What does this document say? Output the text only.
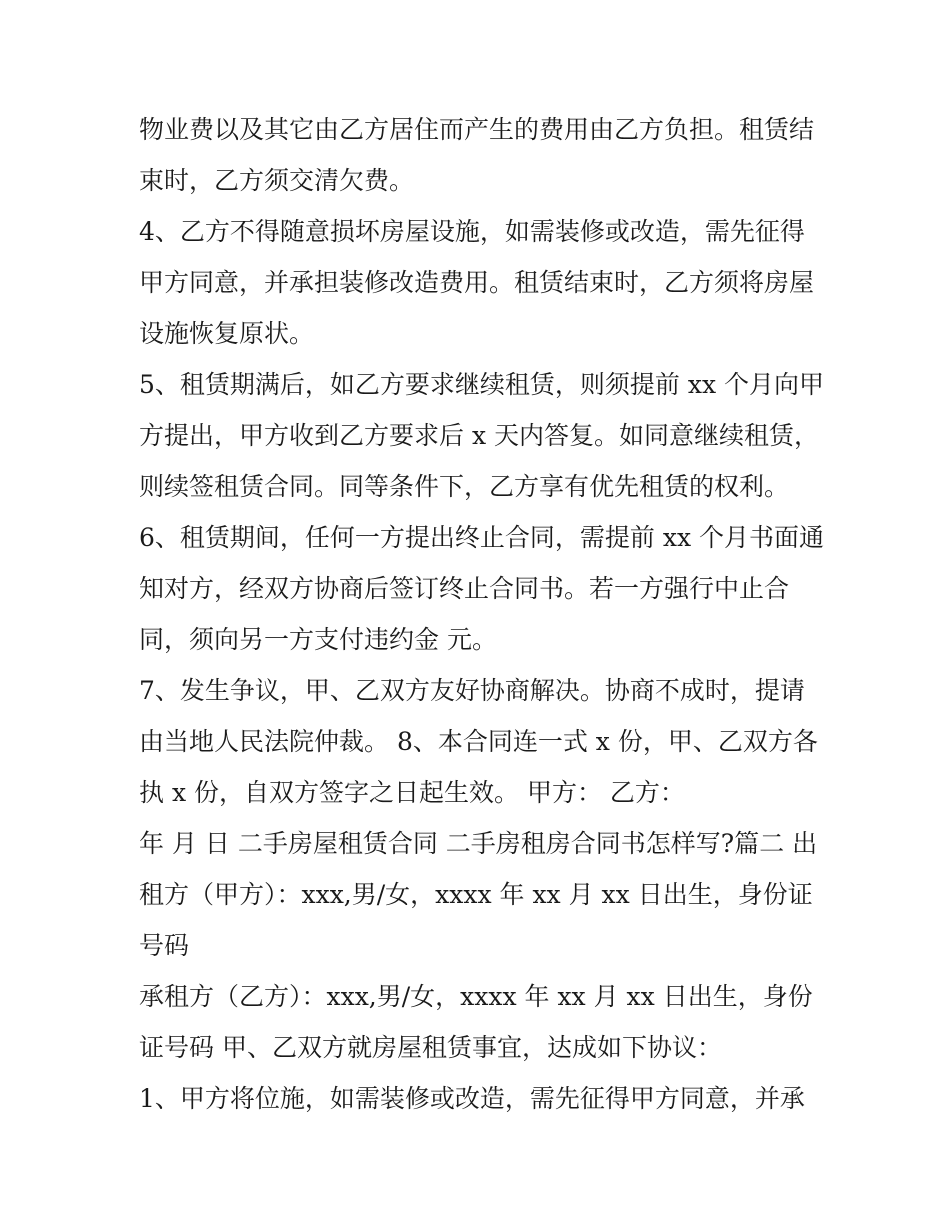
物业费以及其它由乙方居住而产生的费用由乙方负担。租赁结
束时，乙方须交清欠费。
4、乙方不得随意损坏房屋设施，如需装修或改造，需先征得
甲方同意，并承担装修改造费用。租赁结束时，乙方须将房屋
设施恢复原状。
5、租赁期满后，如乙方要求继续租赁，则须提前 xx 个月向甲
方提出，甲方收到乙方要求后 x 天内答复。如同意继续租赁，
则续签租赁合同。同等条件下，乙方享有优先租赁的权利。
6、租赁期间，任何一方提出终止合同，需提前 xx 个月书面通
知对方，经双方协商后签订终止合同书。若一方强行中止合
同，须向另一方支付违约金 元。
7、发生争议，甲、乙双方友好协商解决。协商不成时，提请
由当地人民法院仲裁。 8、本合同连一式 x 份，甲、乙双方各
执 x 份，自双方签字之日起生效。 甲方： 乙方：
年 月 日 二手房屋租赁合同 二手房租房合同书怎样写?篇二 出
租方（甲方）：xxx,男/女，xxxx 年 xx 月 xx 日出生，身份证
号码
承租方（乙方）：xxx,男/女，xxxx 年 xx 月 xx 日出生，身份
证号码 甲、乙双方就房屋租赁事宜，达成如下协议：
1、甲方将位施，如需装修或改造，需先征得甲方同意，并承
